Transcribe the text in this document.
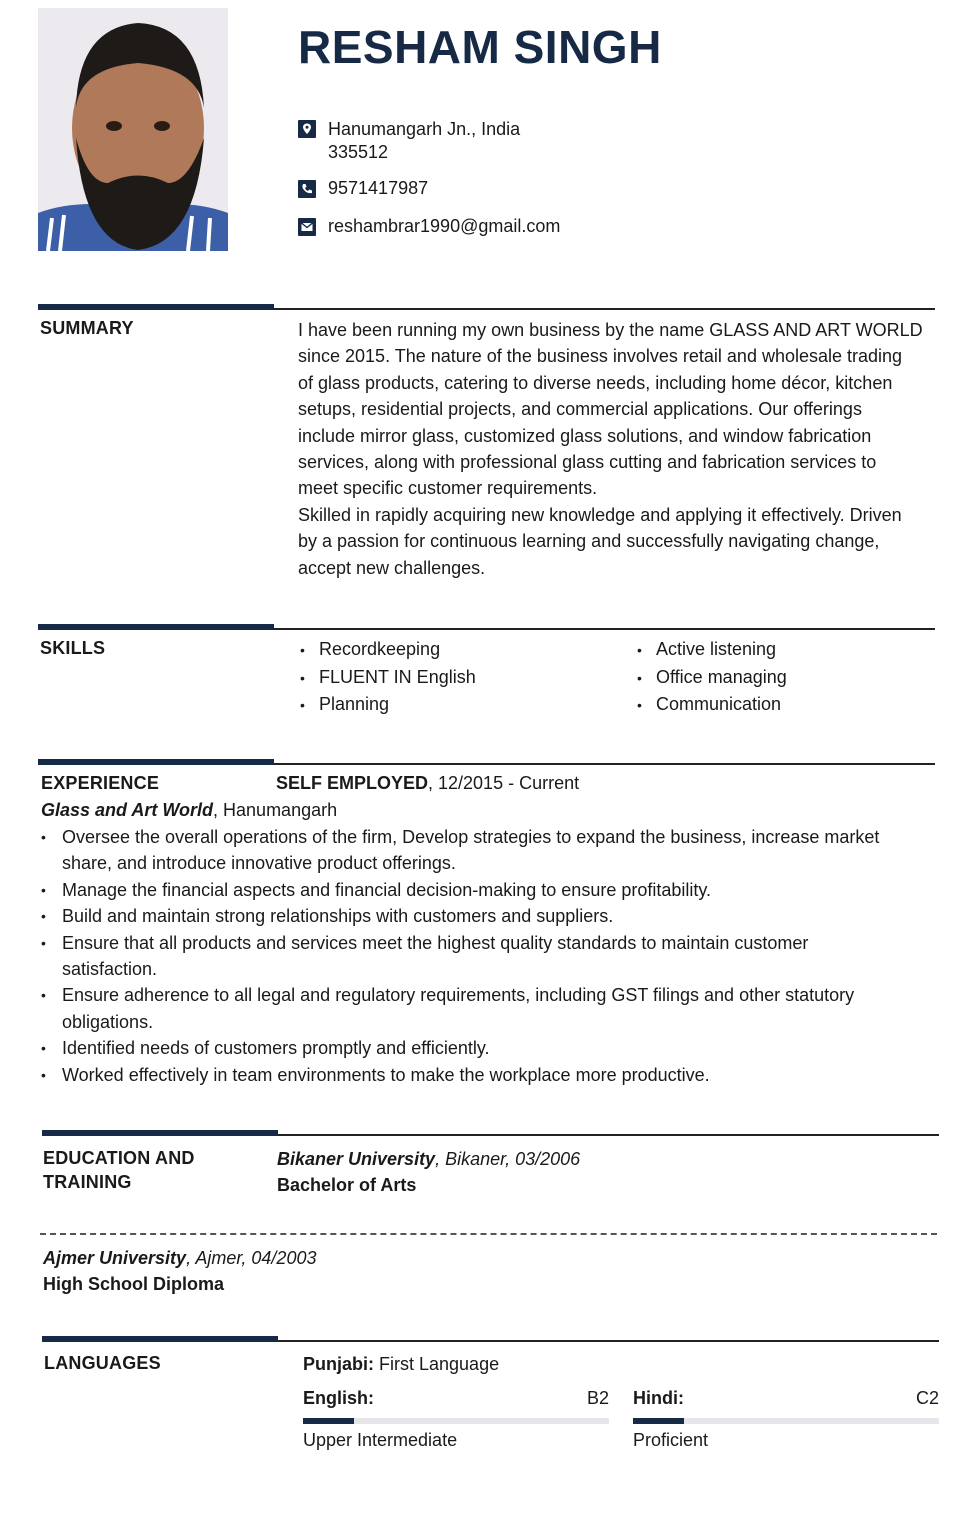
RESHAM SINGH
Hanumangarh Jn., India
335512
9571417987
reshambrar1990@gmail.com
SUMMARY	I have been running my own business by the name GLASS AND ART WORLD
since 2015. The nature of the business involves retail and wholesale trading
of glass products, catering to diverse needs, including home décor, kitchen
setups, residential projects, and commercial applications. Our offerings
include mirror glass, customized glass solutions, and window fabrication
services, along with professional glass cutting and fabrication services to
meet specific customer requirements.
Skilled in rapidly acquiring new knowledge and applying it effectively. Driven
by a passion for continuous learning and successfully navigating change,
accept new challenges.
SKILLS
•	Recordkeeping
• FLUENT IN English
• Planning
• Active listening
• Office managing
• Communication
EXPERIENCE	SELF EMPLOYED, 12/2015 - Current
Glass and Art World, Hanumangarh
• Oversee the overall operations of the firm, Develop strategies to expand the business, increase market
share, and introduce innovative product offerings.
• Manage the financial aspects and financial decision-making to ensure profitability.
• Build and maintain strong relationships with customers and suppliers.
• Ensure that all products and services meet the highest quality standards to maintain customer
satisfaction.
• Ensure adherence to all legal and regulatory requirements, including GST filings and other statutory
obligations.
• Identified needs of customers promptly and efficiently.
• Worked effectively in team environments to make the workplace more productive.
EDUCATION AND
TRAINING
Bikaner University, Bikaner, 03/2006
Bachelor of Arts
Ajmer University, Ajmer, 04/2003
High School Diploma
LANGUAGES	Punjabi: First Language
English:	B2
Upper Intermediate
Hindi:	C2
Proficient
